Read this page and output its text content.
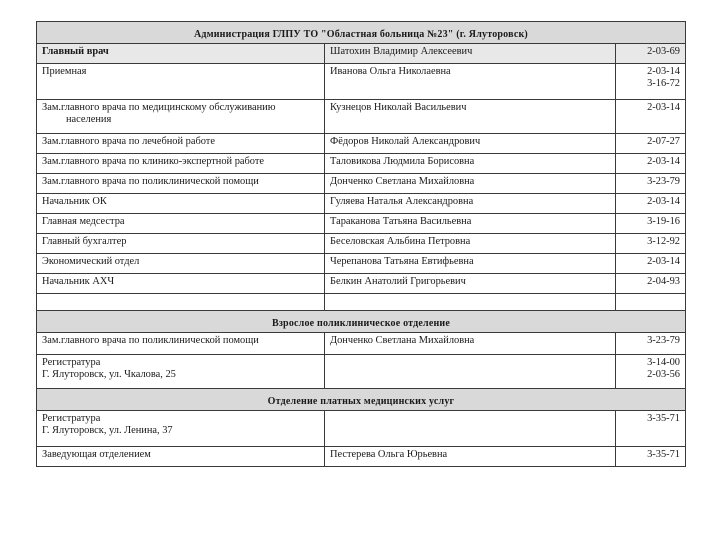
Администрация ГЛПУ ТО "Областная больница №23" (г. Ялуторовск)		
Главный врач	Шатохин Владимир Алексеевич	2-03-69
Приемная	Иванова Ольга Николаевна	2-03-14
3-16-72

Зам.главного врача по медицинскому обслуживанию
населения	Кузнецов Николай Васильевич	2-03-14
Зам.главного врача по лечебной работе	Фёдоров Николай Александрович	2-07-27
Зам.главного врача по клинико-экспертной работе	Таловикова Людмила Борисовна	2-03-14
Зам.главного врача по поликлинической помощи	Донченко Светлана Михайловна	3-23-79
Начальник ОК	Гуляева Наталья Александровна	2-03-14
Главная медсестра	Тараканова Татьяна Васильевна	3-19-16
Главный бухгалтер	Беселовская Альбина Петровна	3-12-92
Экономический отдел	Черепанова Татьяна Евтифьевна	2-03-14
Начальник АХЧ	Белкин Анатолий Григорьевич	2-04-93

Взрослое поликлиническое отделение		
Зам.главного врача по поликлинической помощи	Донченко Светлана Михайловна	3-23-79

Регистратура
Г. Ялуторовск, ул. Чкалова, 25		3-14-00
2-03-56

Отделение платных медицинских услуг		

Регистратура
Г. Ялуторовск, ул. Ленина, 37		3-35-71
Заведующая отделением	Пестерева Ольга Юрьевна	3-35-71
